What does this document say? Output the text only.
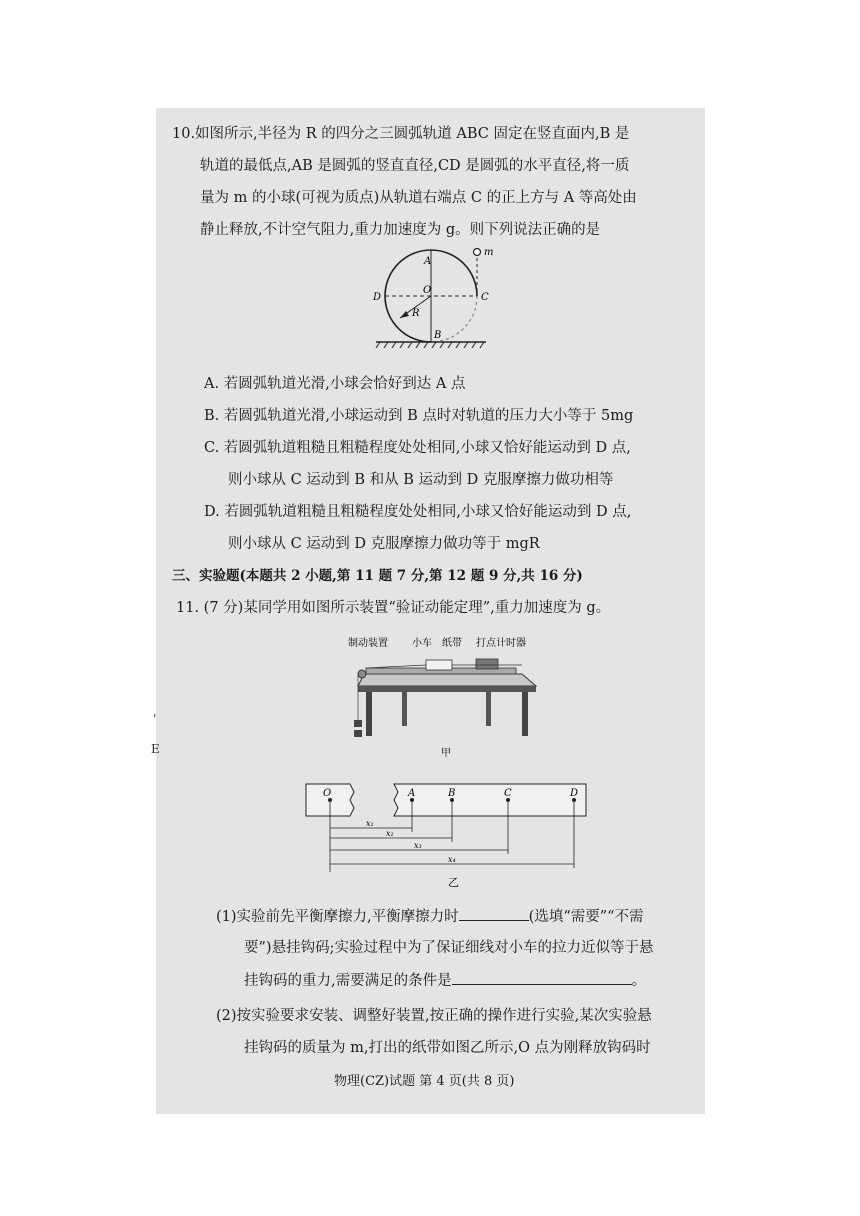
10.如图所示,半径为 R 的四分之三圆弧轨道 ABC 固定在竖直面内,B 是
轨道的最低点,AB 是圆弧的竖直直径,CD 是圆弧的水平直径,将一质
量为 m 的小球(可视为质点)从轨道右端点 C 的正上方与 A 等高处由
静止释放,不计空气阻力,重力加速度为 g。则下列说法正确的是
A
m
D
O
C
R
B
A. 若圆弧轨道光滑,小球会恰好到达 A 点
B. 若圆弧轨道光滑,小球运动到 B 点时对轨道的压力大小等于 5mg
C. 若圆弧轨道粗糙且粗糙程度处处相同,小球又恰好能运动到 D 点,
则小球从 C 运动到 B 和从 B 运动到 D 克服摩擦力做功相等
D. 若圆弧轨道粗糙且粗糙程度处处相同,小球又恰好能运动到 D 点,
则小球从 C 运动到 D 克服摩擦力做功等于 mgR
三、实验题(本题共 2 小题,第 11 题 7 分,第 12 题 9 分,共 16 分)
11. (7 分)某同学用如图所示装置“验证动能定理”,重力加速度为 g。
制动装置 小车 纸带 打点计时器
甲
O	A	B	C	D
x₁
x₂
x₃
x₄
乙
(1)实验前先平衡摩擦力,平衡摩擦力时	(选填“需要”“不需
要”)悬挂钩码;实验过程中为了保证细线对小车的拉力近似等于悬
挂钩码的重力,需要满足的条件是	。
(2)按实验要求安装、调整好装置,按正确的操作进行实验,某次实验悬
挂钩码的质量为 m,打出的纸带如图乙所示,O 点为刚释放钩码时
物理(CZ)试题 第 4 页(共 8 页)
'
E
